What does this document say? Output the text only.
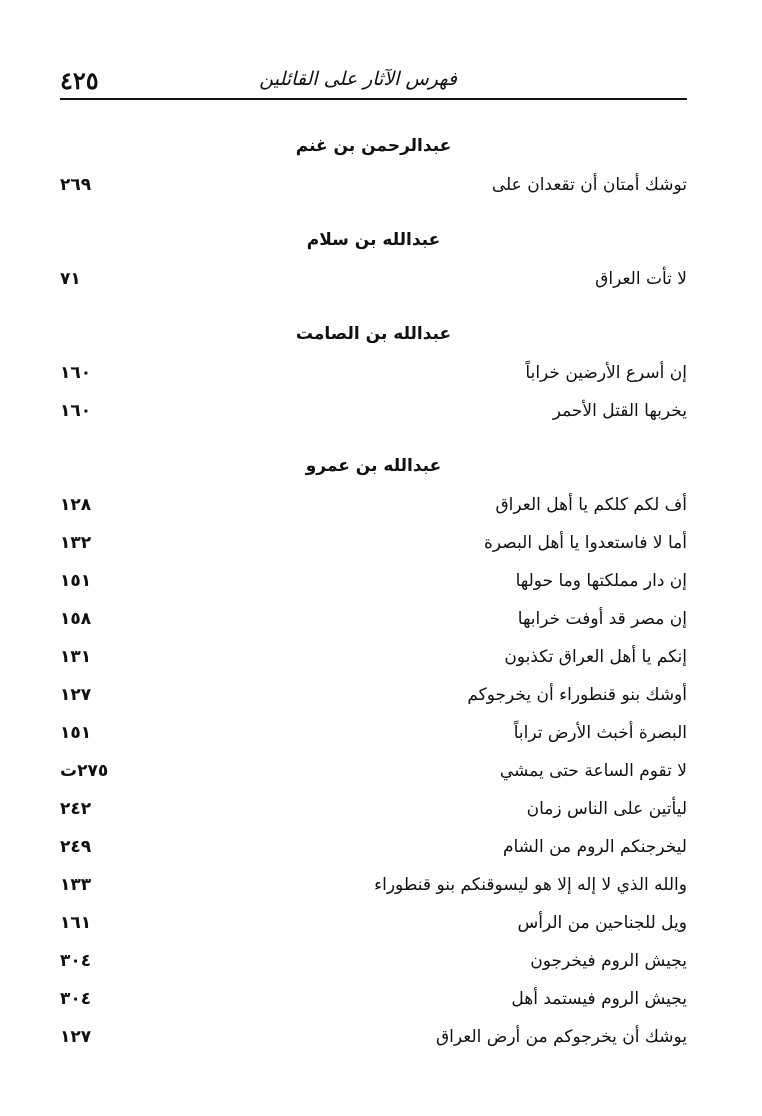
فهرس الآثار على القائلين
٤٢٥
عبدالرحمن بن غنم
توشك أمتان أن تقعدان على
٢٦٩
عبدالله بن سلام
لا تأت العراق
٧١
عبدالله بن الصامت
إن أسرع الأرضين خراباً
١٦٠
يخربها القتل الأحمر
١٦٠
عبدالله بن عمرو
أف لكم كلكم يا أهل العراق
١٢٨
أما لا فاستعدوا يا أهل البصرة
١٣٢
إن دار مملكتها وما حولها
١٥١
إن مصر قد أوفت خرابها
١٥٨
إنكم يا أهل العراق تكذبون
١٣١
أوشك بنو قنطوراء أن يخرجوكم
١٢٧
البصرة أخبث الأرض تراباً
١٥١
لا تقوم الساعة حتى يمشي
٢٧٥ت
ليأتين على الناس زمان
٢٤٢
ليخرجنكم الروم من الشام
٢٤٩
والله الذي لا إله إلا هو ليسوقنكم بنو قنطوراء
١٣٣
ويل للجناحين من الرأس
١٦١
يجيش الروم فيخرجون
٣٠٤
يجيش الروم فيستمد أهل
٣٠٤
يوشك أن يخرجوكم من أرض العراق
١٢٧
